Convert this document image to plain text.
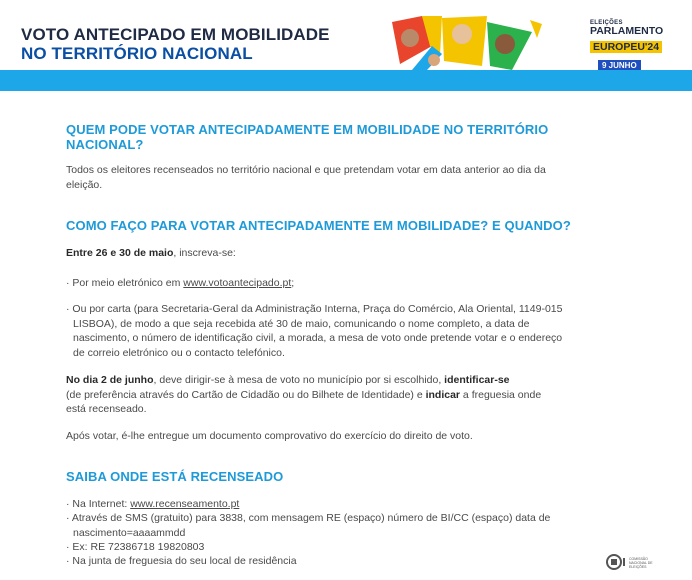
VOTO ANTECIPADO EM MOBILIDADE
NO TERRITÓRIO NACIONAL
ELEIÇÕES
PARLAMENTO
EUROPEU'24
9 JUNHO
QUEM PODE VOTAR ANTECIPADAMENTE EM MOBILIDADE NO TERRITÓRIO
NACIONAL?
Todos os eleitores recenseados no território nacional e que pretendam votar em data anterior ao dia da
eleição.
COMO FAÇO PARA VOTAR ANTECIPADAMENTE EM MOBILIDADE? E QUANDO?
Entre 26 e 30 de maio, inscreva-se:
· Por meio eletrónico em www.votoantecipado.pt;
· Ou por carta (para Secretaria-Geral da Administração Interna, Praça do Comércio, Ala Oriental, 1149-015
LISBOA), de modo a que seja recebida até 30 de maio, comunicando o nome completo, a data de
nascimento, o número de identificação civil, a morada, a mesa de voto onde pretende votar e o endereço
de correio eletrónico ou o contacto telefónico.
No dia 2 de junho, deve dirigir-se à mesa de voto no município por si escolhido, identificar-se
(de preferência através do Cartão de Cidadão ou do Bilhete de Identidade) e indicar a freguesia onde
está recenseado.
Após votar, é-lhe entregue um documento comprovativo do exercício do direito de voto.
SAIBA ONDE ESTÁ RECENSEADO
· Na Internet: www.recenseamento.pt
· Através de SMS (gratuito) para 3838, com mensagem RE (espaço) número de BI/CC (espaço) data de
nascimento=aaaammdd
· Ex: RE 72386718 19820803
· Na junta de freguesia do seu local de residência	COMISSÃO NACIONAL DE ELEIÇÕES
